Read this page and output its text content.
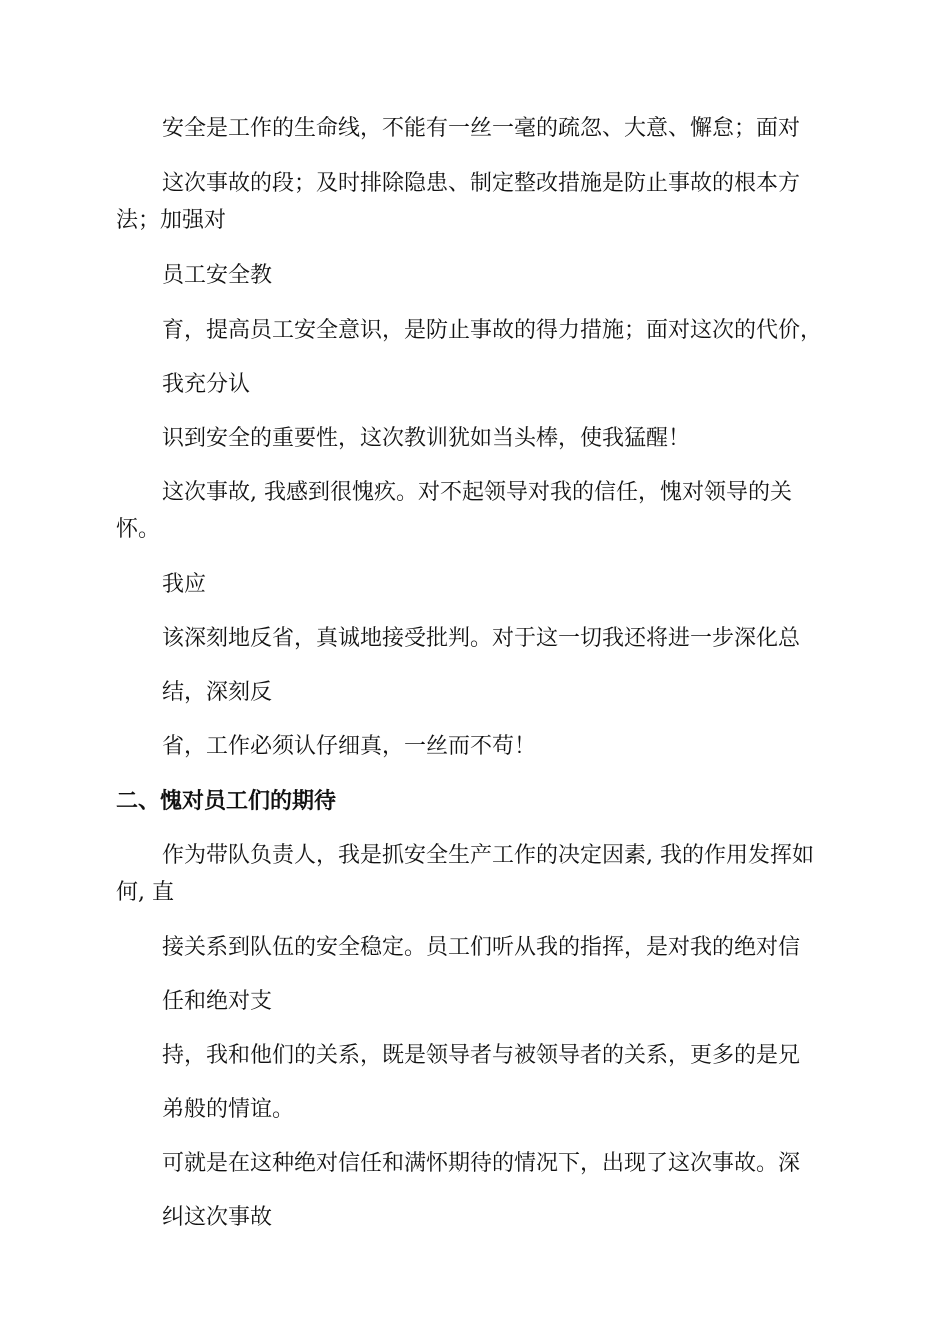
安全是工作的生命线，不能有一丝一毫的疏忽、大意、懈怠；面对

这次事故的段；及时排除隐患、制定整改措施是防止事故的根本方

法；加强对

员工安全教

育，提高员工安全意识，是防止事故的得力措施；面对这次的代价，

我充分认

识到安全的重要性，这次教训犹如当头棒，使我猛醒！

这次事故, 我感到很愧疚。对不起领导对我的信任，愧对领导的关

怀。

我应

该深刻地反省，真诚地接受批判。对于这一切我还将进一步深化总

结，深刻反

省，工作必须认仔细真，一丝而不苟！

二、愧对员工们的期待

作为带队负责人，我是抓安全生产工作的决定因素, 我的作用发挥如

何, 直

接关系到队伍的安全稳定。员工们听从我的指挥，是对我的绝对信

任和绝对支

持，我和他们的关系，既是领导者与被领导者的关系，更多的是兄

弟般的情谊。

可就是在这种绝对信任和满怀期待的情况下，出现了这次事故。深

纠这次事故
